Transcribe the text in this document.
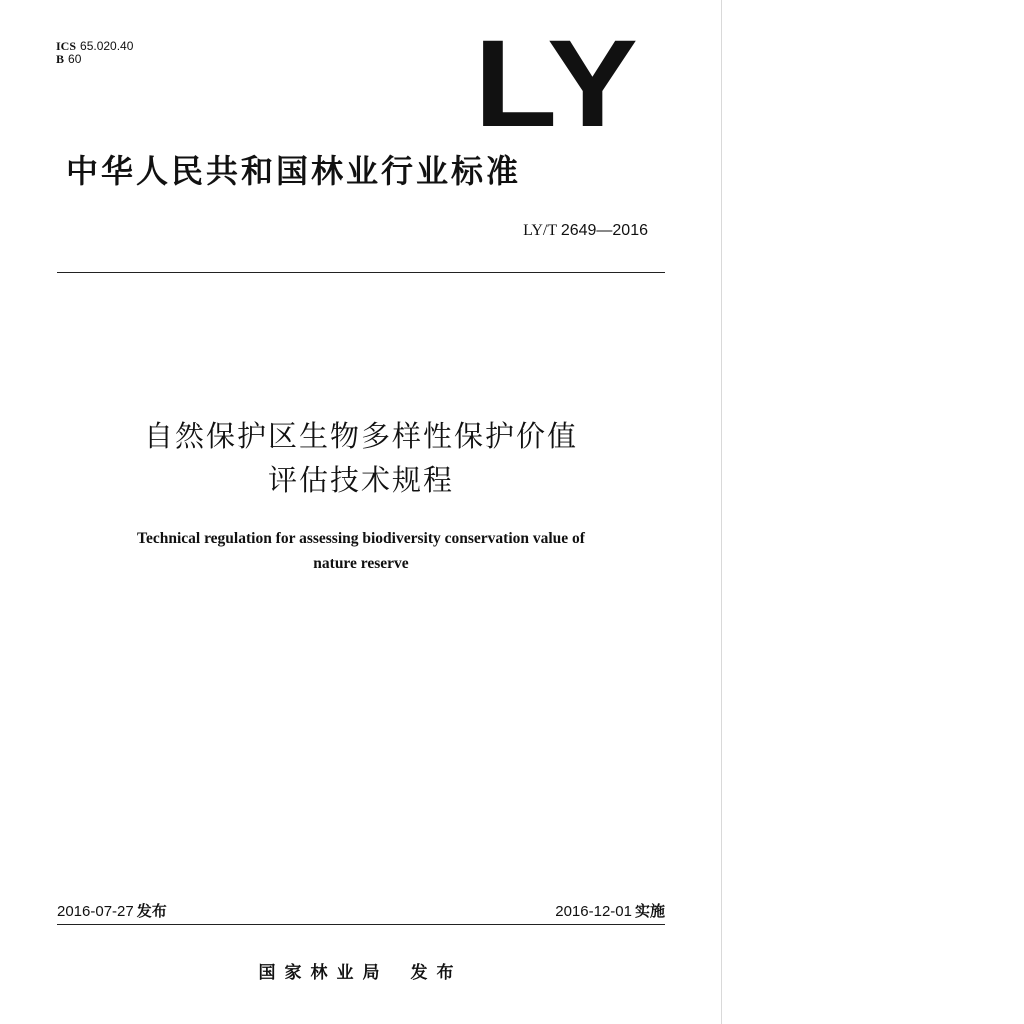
ICS 65.020.40
B 60	LY
中华人民共和国林业行业标准
LY/T 2649—2016
自然保护区生物多样性保护价值
评估技术规程
Technical regulation for assessing biodiversity conservation value of
nature reserve
2016-07-27 发布	2016-12-01 实施
国家林业局 发布
